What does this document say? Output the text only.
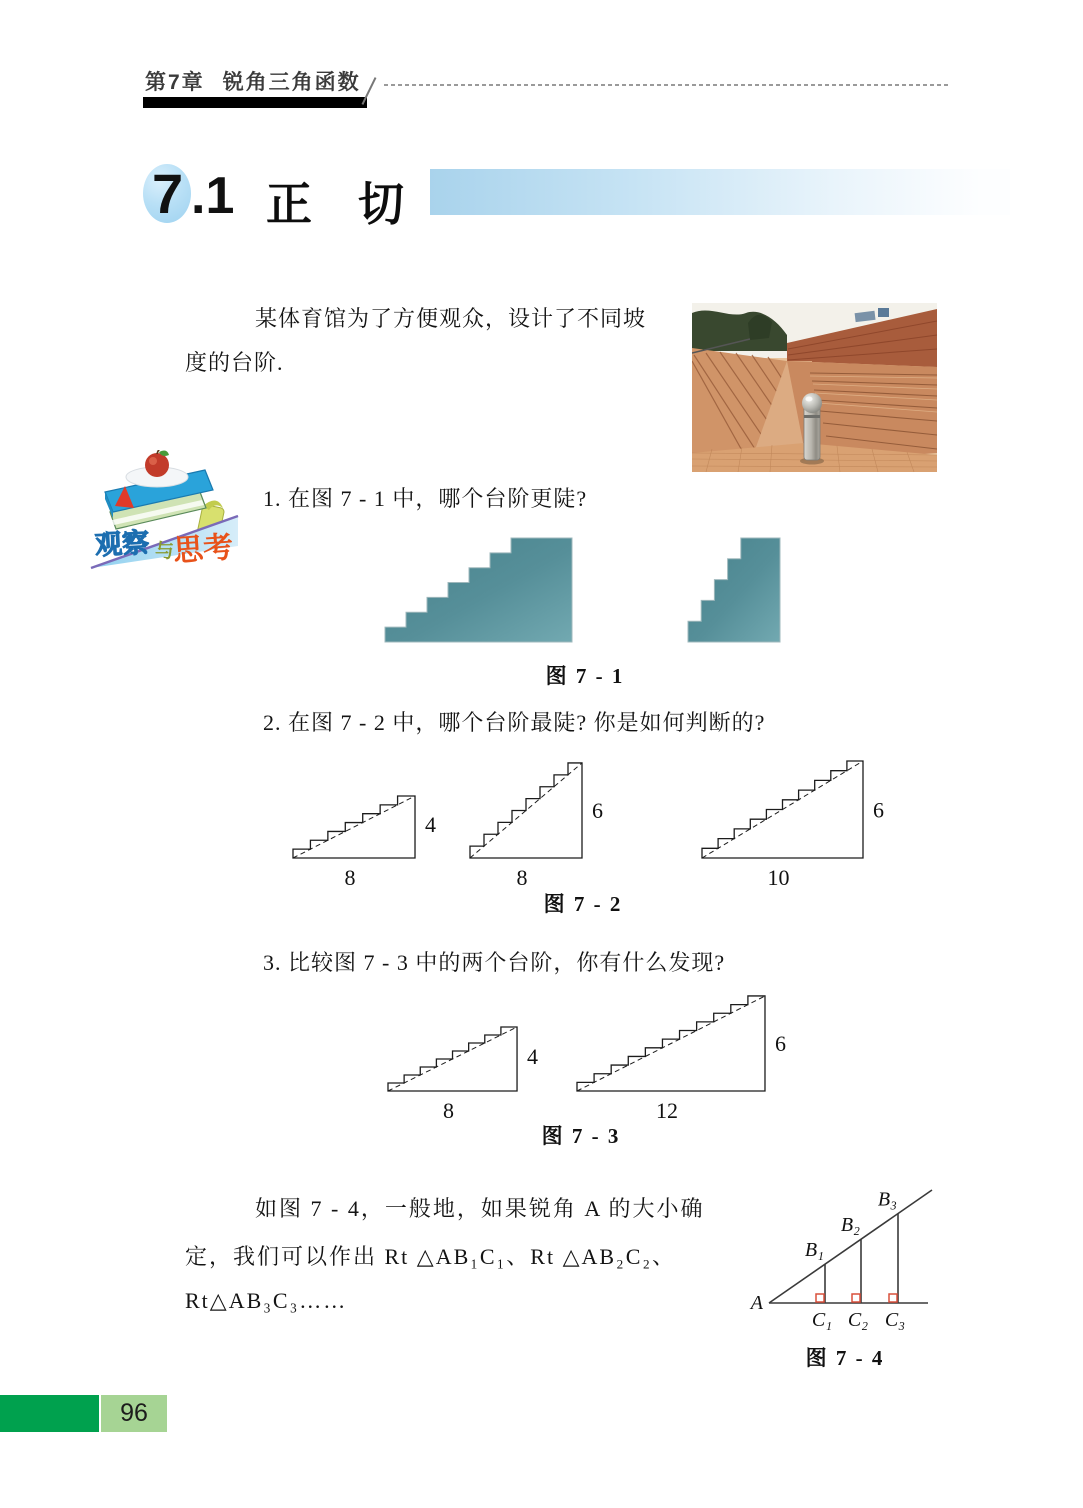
第7章 锐角三角函数
7 .1 正　切
某体育馆为了方便观众，设计了不同坡
度的台阶.
观察 与
思考
1. 在图 7 - 1 中，哪个台阶更陡?
2. 在图 7 - 2 中，哪个台阶最陡? 你是如何判断的?
3. 比较图 7 - 3 中的两个台阶，你有什么发现?
8
4
8
6
10
6
8
4
12
6
B₁
C₁
B₂
C₂
B₃
C₃
A
图 7 - 1
图 7 - 2
图 7 - 3
图 7 - 4
如图 7 - 4，一般地，如果锐角 A 的大小确
定，我们可以作出 Rt △AB₁C₁、Rt △AB₂C₂、
Rt△AB₃C₃……
96
